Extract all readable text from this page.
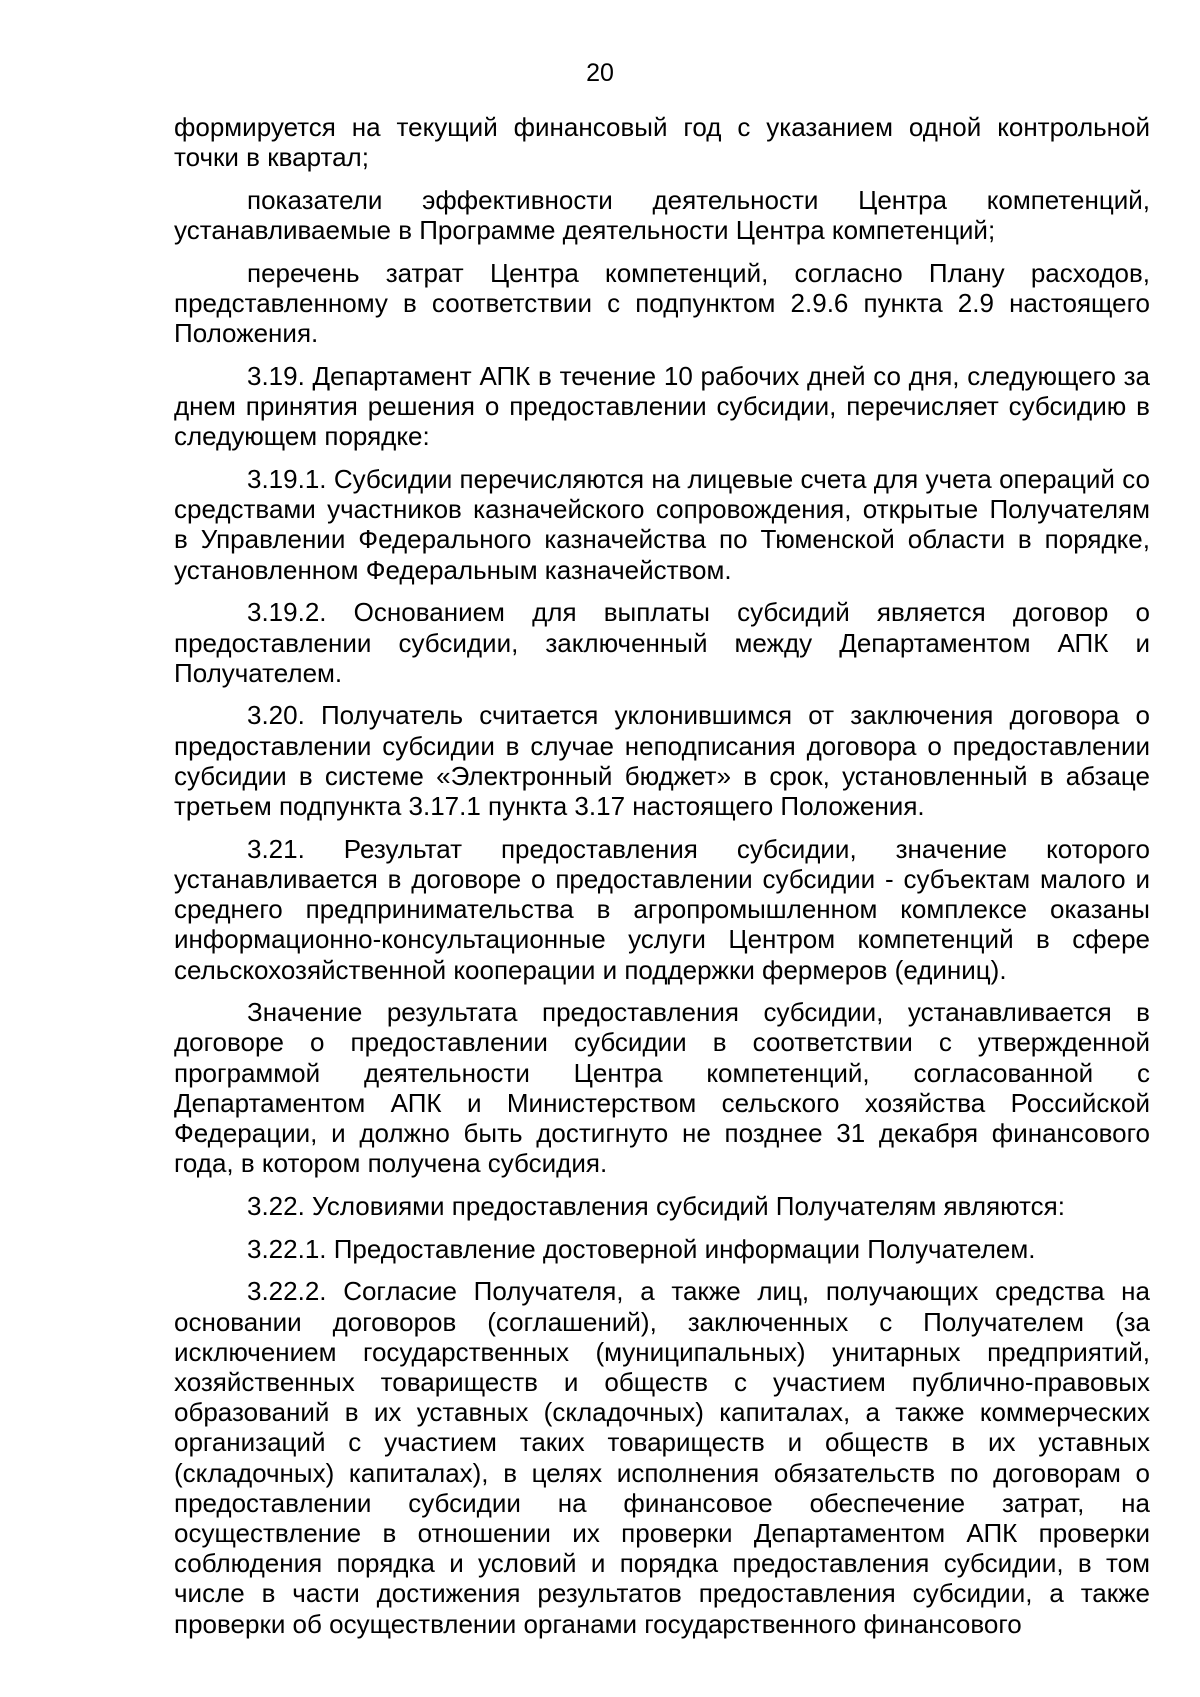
20

формируется на текущий финансовый год с указанием одной контрольной точки в квартал;

показатели эффективности деятельности Центра компетенций, устанавливаемые в Программе деятельности Центра компетенций;

перечень затрат Центра компетенций, согласно Плану расходов, представленному в соответствии с подпунктом 2.9.6 пункта 2.9 настоящего Положения.

3.19. Департамент АПК в течение 10 рабочих дней со дня, следующего за днем принятия решения о предоставлении субсидии, перечисляет субсидию в следующем порядке:

3.19.1. Субсидии перечисляются на лицевые счета для учета операций со средствами участников казначейского сопровождения, открытые Получателям в Управлении Федерального казначейства по Тюменской области в порядке, установленном Федеральным казначейством.

3.19.2. Основанием для выплаты субсидий является договор о предоставлении субсидии, заключенный между Департаментом АПК и Получателем.

3.20. Получатель считается уклонившимся от заключения договора о предоставлении субсидии в случае неподписания договора о предоставлении субсидии в системе «Электронный бюджет» в срок, установленный в абзаце третьем подпункта 3.17.1 пункта 3.17 настоящего Положения.

3.21. Результат предоставления субсидии, значение которого устанавливается в договоре о предоставлении субсидии - субъектам малого и среднего предпринимательства в агропромышленном комплексе оказаны информационно-консультационные услуги Центром компетенций в сфере сельскохозяйственной кооперации и поддержки фермеров (единиц).

Значение результата предоставления субсидии, устанавливается в договоре о предоставлении субсидии в соответствии с утвержденной программой деятельности Центра компетенций, согласованной с Департаментом АПК и Министерством сельского хозяйства Российской Федерации, и должно быть достигнуто не позднее 31 декабря финансового года, в котором получена субсидия.

3.22. Условиями предоставления субсидий Получателям являются:

3.22.1. Предоставление достоверной информации Получателем.

3.22.2. Согласие Получателя, а также лиц, получающих средства на основании договоров (соглашений), заключенных с Получателем (за исключением государственных (муниципальных) унитарных предприятий, хозяйственных товариществ и обществ с участием публично-правовых образований в их уставных (складочных) капиталах, а также коммерческих организаций с участием таких товариществ и обществ в их уставных (складочных) капиталах), в целях исполнения обязательств по договорам о предоставлении субсидии на финансовое обеспечение затрат, на осуществление в отношении их проверки Департаментом АПК проверки соблюдения порядка и условий и порядка предоставления субсидии, в том числе в части достижения результатов предоставления субсидии, а также проверки об осуществлении органами государственного финансового
